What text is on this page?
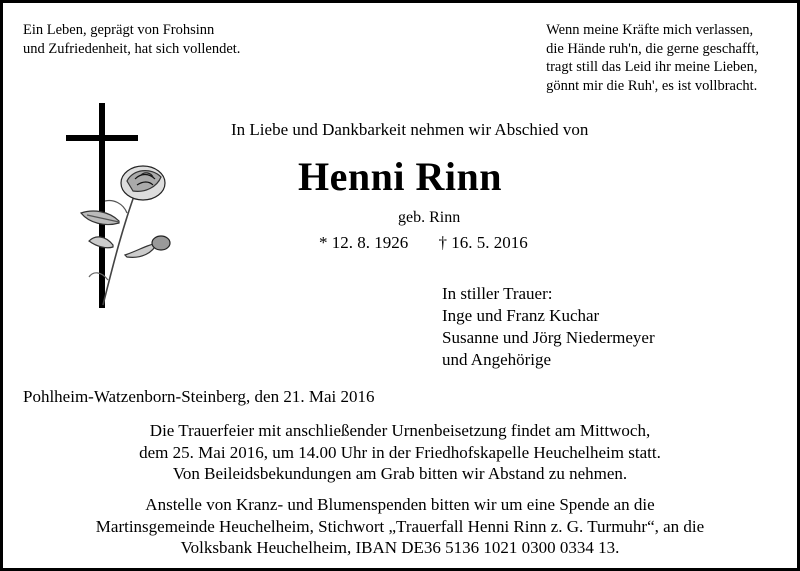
Ein Leben, geprägt von Frohsinn
und Zufriedenheit, hat sich vollendet.
Wenn meine Kräfte mich verlassen,
die Hände ruh'n, die gerne geschafft,
tragt still das Leid ihr meine Lieben,
gönnt mir die Ruh', es ist vollbracht.
In Liebe und Dankbarkeit nehmen wir Abschied von
Henni Rinn
geb. Rinn
* 12. 8. 1926 † 16. 5. 2016
In stiller Trauer:
Inge und Franz Kuchar
Susanne und Jörg Niedermeyer
und Angehörige
Pohlheim-Watzenborn-Steinberg, den 21. Mai 2016
Die Trauerfeier mit anschließender Urnenbeisetzung findet am Mittwoch,
dem 25. Mai 2016, um 14.00 Uhr in der Friedhofskapelle Heuchelheim statt.
Von Beileidsbekundungen am Grab bitten wir Abstand zu nehmen.
Anstelle von Kranz- und Blumenspenden bitten wir um eine Spende an die
Martinsgemeinde Heuchelheim, Stichwort „Trauerfall Henni Rinn z. G. Turmuhr“, an die
Volksbank Heuchelheim, IBAN DE36 5136 1021 0300 0334 13.
